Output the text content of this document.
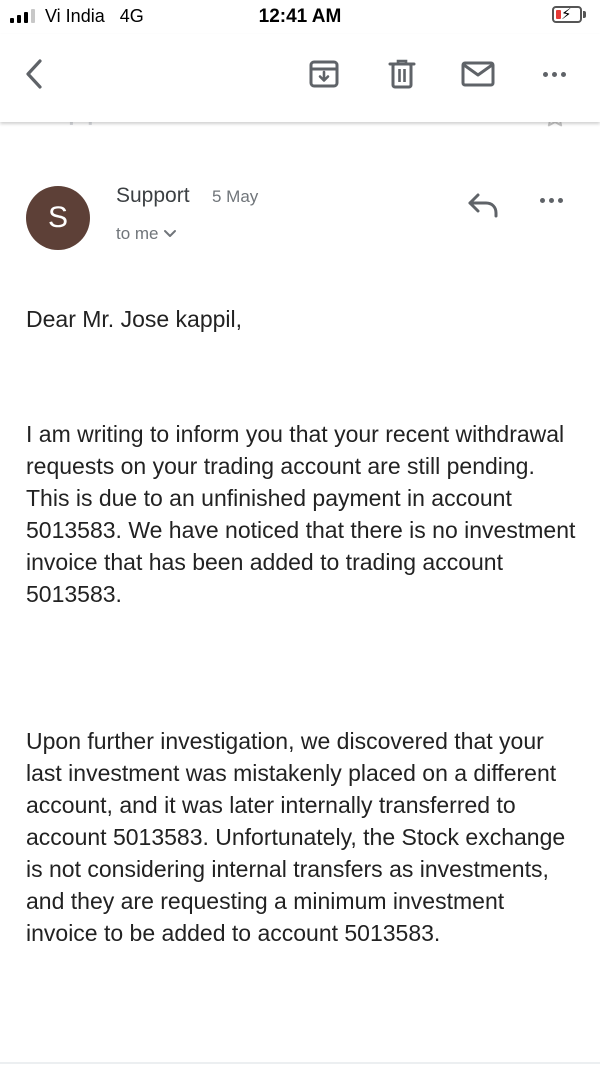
Vi India 4G	12:41 AM	⚡
S
Support 5 May
to me

Dear Mr. Jose kappil,

I am writing to inform you that your recent withdrawal requests on your trading account are still pending. This is due to an unfinished payment in account 5013583. We have noticed that there is no investment invoice that has been added to trading account 5013583.

Upon further investigation, we discovered that your last investment was mistakenly placed on a different account, and it was later internally transferred to account 5013583. Unfortunately, the Stock exchange is not considering internal transfers as investments, and they are requesting a minimum investment invoice to be added to account 5013583.
